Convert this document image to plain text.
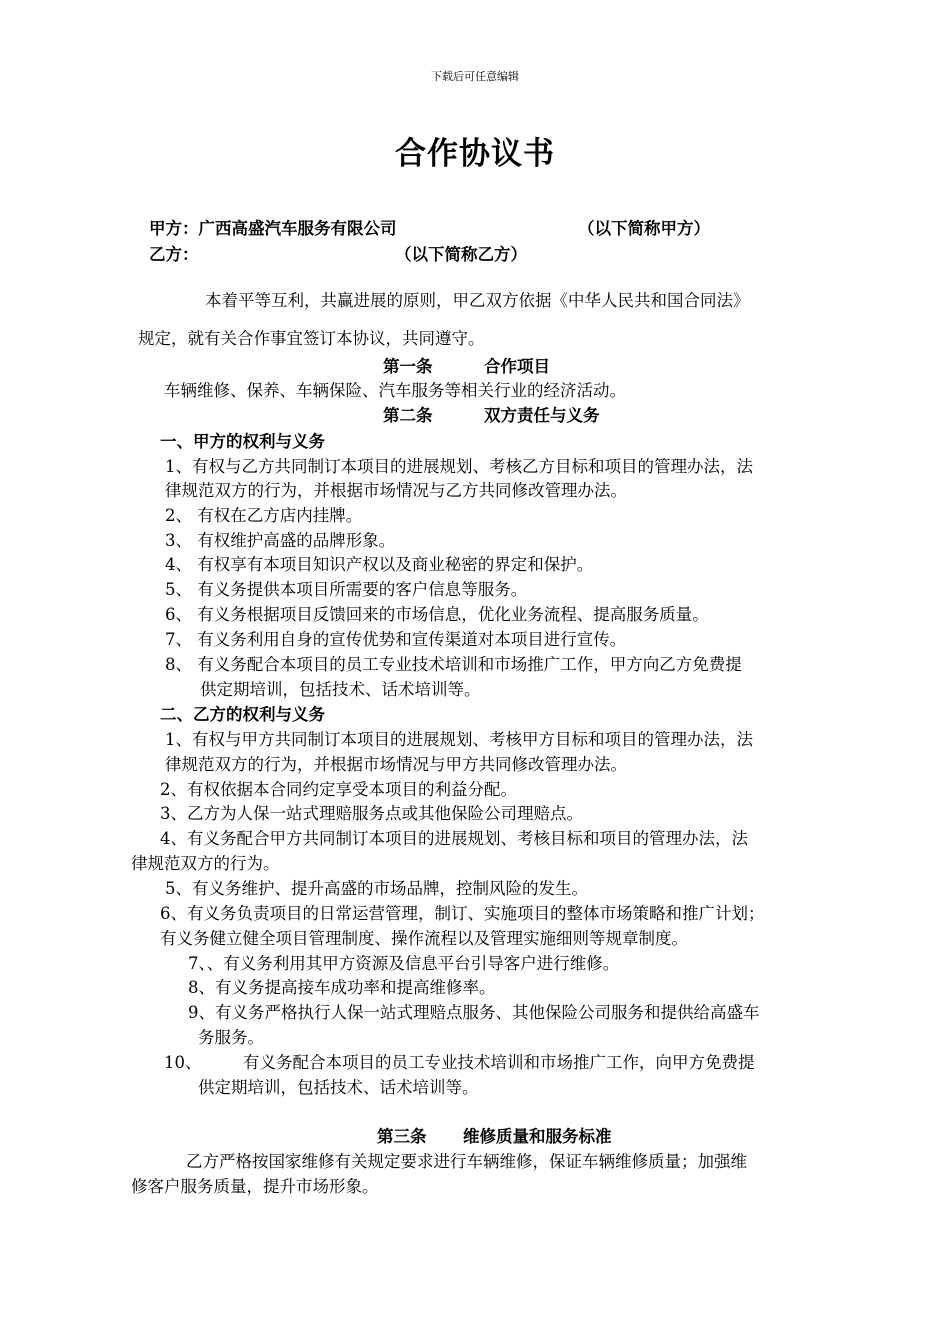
下载后可任意编辑
合作协议书
甲方：广西高盛汽车服务有限公司	（以下简称甲方）
乙方：	（以下简称乙方）
本着平等互利，共赢进展的原则，甲乙双方依据《中华人民共和国合同法》
规定，就有关合作事宜签订本协议，共同遵守。
第一条	合作项目
车辆维修、保养、车辆保险、汽车服务等相关行业的经济活动。
第二条	双方责任与义务
一、甲方的权利与义务
1、有权与乙方共同制订本项目的进展规划、考核乙方目标和项目的管理办法，法
律规范双方的行为，并根据市场情况与乙方共同修改管理办法。
2、 有权在乙方店内挂牌。
3、 有权维护高盛的品牌形象。
4、 有权享有本项目知识产权以及商业秘密的界定和保护。
5、 有义务提供本项目所需要的客户信息等服务。
6、 有义务根据项目反馈回来的市场信息，优化业务流程、提高服务质量。
7、 有义务利用自身的宣传优势和宣传渠道对本项目进行宣传。
8、 有义务配合本项目的员工专业技术培训和市场推广工作，甲方向乙方免费提
供定期培训，包括技术、话术培训等。
二、乙方的权利与义务
1、有权与甲方共同制订本项目的进展规划、考核甲方目标和项目的管理办法，法
律规范双方的行为，并根据市场情况与甲方共同修改管理办法。
2、有权依据本合同约定享受本项目的利益分配。
3、乙方为人保一站式理赔服务点或其他保险公司理赔点。
4、有义务配合甲方共同制订本项目的进展规划、考核目标和项目的管理办法，法
律规范双方的行为。
5、有义务维护、提升高盛的市场品牌，控制风险的发生。
6、有义务负责项目的日常运营管理，制订、实施项目的整体市场策略和推广计划；
有义务健立健全项目管理制度、操作流程以及管理实施细则等规章制度。
7、、有义务利用其甲方资源及信息平台引导客户进行维修。
8、有义务提高接车成功率和提高维修率。
9、有义务严格执行人保一站式理赔点服务、其他保险公司服务和提供给高盛车
务服务。
10、	有义务配合本项目的员工专业技术培训和市场推广工作，向甲方免费提
供定期培训，包括技术、话术培训等。
第三条 维修质量和服务标准
乙方严格按国家维修有关规定要求进行车辆维修，保证车辆维修质量；加强维
修客户服务质量，提升市场形象。
